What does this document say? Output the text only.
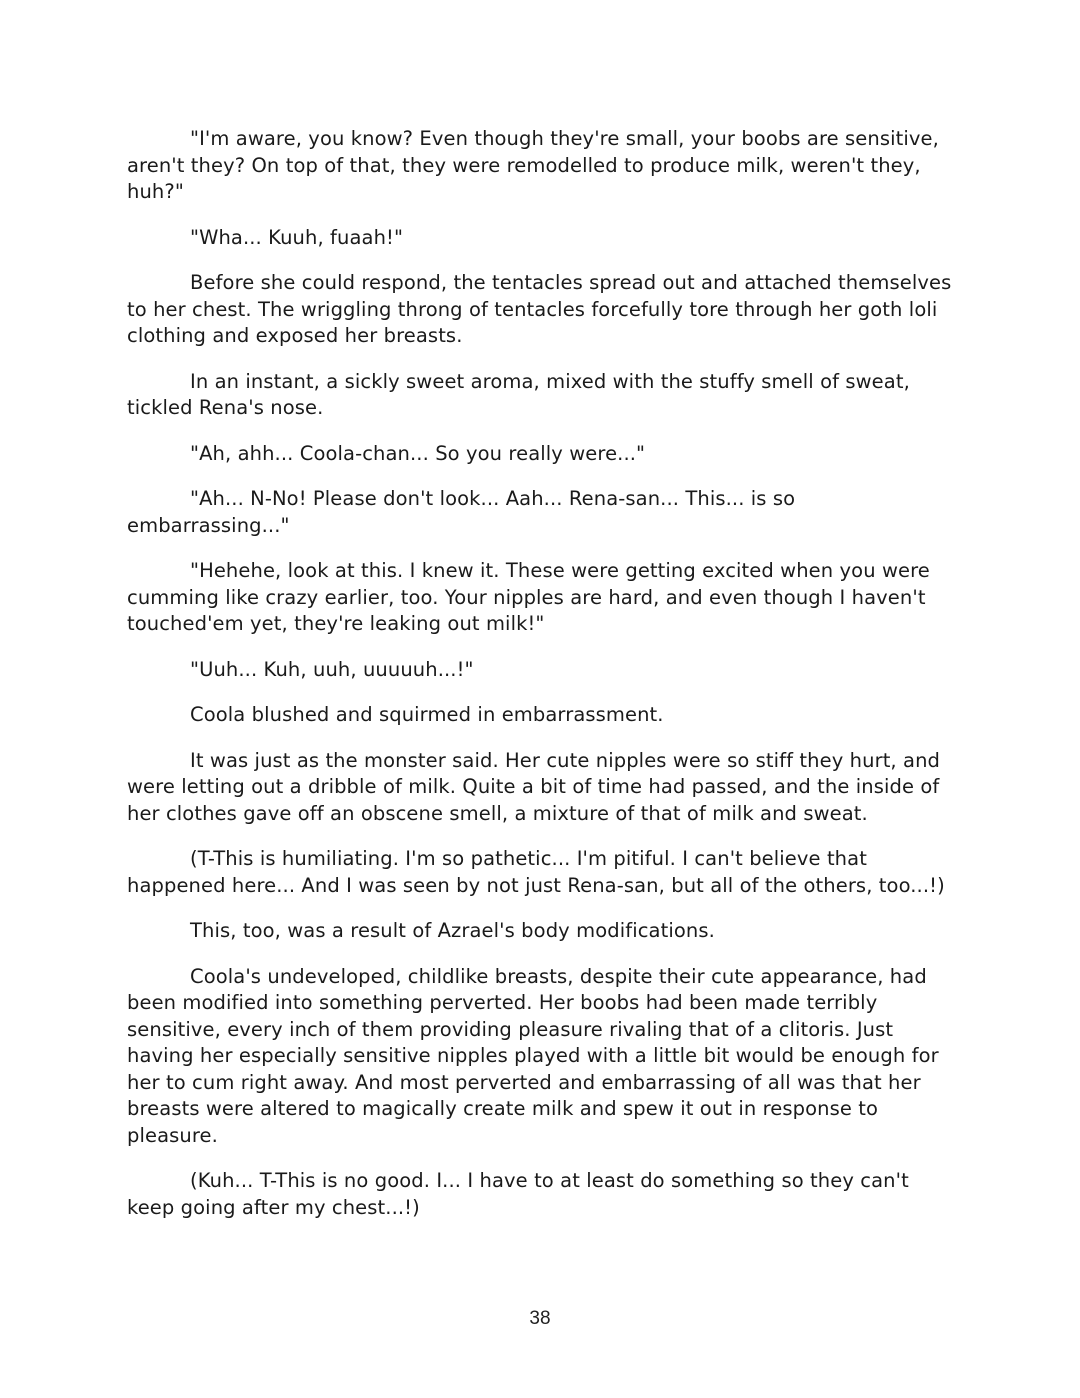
"I'm aware, you know? Even though they're small, your boobs are sensitive, aren't they? On top of that, they were remodelled to produce milk, weren't they, huh?"

"Wha... Kuuh, fuaah!"

Before she could respond, the tentacles spread out and attached themselves to her chest. The wriggling throng of tentacles forcefully tore through her goth loli clothing and exposed her breasts.

In an instant, a sickly sweet aroma, mixed with the stuffy smell of sweat, tickled Rena's nose.

"Ah, ahh... Coola-chan... So you really were..."

"Ah... N-No! Please don't look... Aah... Rena-san... This... is so embarrassing..."

"Hehehe, look at this. I knew it. These were getting excited when you were cumming like crazy earlier, too. Your nipples are hard, and even though I haven't touched'em yet, they're leaking out milk!"

"Uuh... Kuh, uuh, uuuuuh...!"

Coola blushed and squirmed in embarrassment.

It was just as the monster said. Her cute nipples were so stiff they hurt, and were letting out a dribble of milk. Quite a bit of time had passed, and the inside of her clothes gave off an obscene smell, a mixture of that of milk and sweat.

(T-This is humiliating. I'm so pathetic... I'm pitiful. I can't believe that happened here... And I was seen by not just Rena-san, but all of the others, too...!)

This, too, was a result of Azrael's body modifications.

Coola's undeveloped, childlike breasts, despite their cute appearance, had been modified into something perverted. Her boobs had been made terribly sensitive, every inch of them providing pleasure rivaling that of a clitoris. Just having her especially sensitive nipples played with a little bit would be enough for her to cum right away. And most perverted and embarrassing of all was that her breasts were altered to magically create milk and spew it out in response to pleasure.

(Kuh... T-This is no good. I... I have to at least do something so they can't keep going after my chest...!)

38
